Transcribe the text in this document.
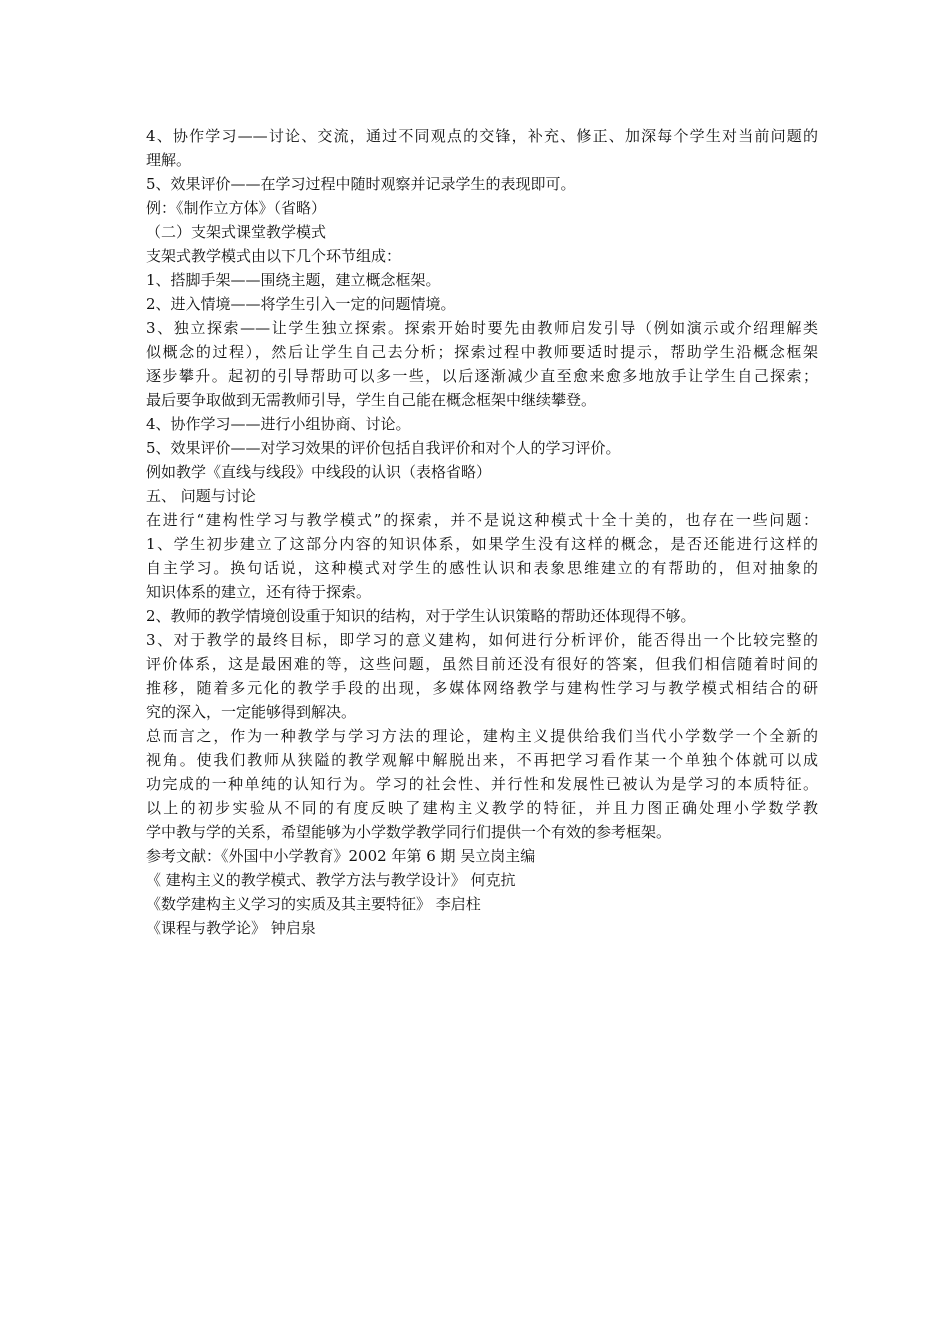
4、协作学习——讨论、交流，通过不同观点的交锋，补充、修正、加深每个学生对当前问题的
理解。
5、效果评价——在学习过程中随时观察并记录学生的表现即可。
例：《制作立方体》（省略）
（二）支架式课堂教学模式
支架式教学模式由以下几个环节组成：
1、搭脚手架——围绕主题，建立概念框架。
2、进入情境——将学生引入一定的问题情境。
3、独立探索——让学生独立探索。探索开始时要先由教师启发引导（例如演示或介绍理解类
似概念的过程），然后让学生自己去分析；探索过程中教师要适时提示，帮助学生沿概念框架
逐步攀升。起初的引导帮助可以多一些，以后逐渐减少直至愈来愈多地放手让学生自己探索；
最后要争取做到无需教师引导，学生自己能在概念框架中继续攀登。
4、协作学习——进行小组协商、讨论。
5、效果评价——对学习效果的评价包括自我评价和对个人的学习评价。
例如教学《直线与线段》中线段的认识（表格省略）
五、 问题与讨论
在进行“建构性学习与教学模式”的探索，并不是说这种模式十全十美的，也存在一些问题：
1、学生初步建立了这部分内容的知识体系，如果学生没有这样的概念，是否还能进行这样的
自主学习。换句话说，这种模式对学生的感性认识和表象思维建立的有帮助的，但对抽象的
知识体系的建立，还有待于探索。
2、教师的教学情境创设重于知识的结构，对于学生认识策略的帮助还体现得不够。
3、对于教学的最终目标，即学习的意义建构，如何进行分析评价，能否得出一个比较完整的
评价体系，这是最困难的等，这些问题，虽然目前还没有很好的答案，但我们相信随着时间的
推移，随着多元化的教学手段的出现，多媒体网络教学与建构性学习与教学模式相结合的研
究的深入，一定能够得到解决。
总而言之，作为一种教学与学习方法的理论，建构主义提供给我们当代小学数学一个全新的
视角。使我们教师从狭隘的教学观解中解脱出来，不再把学习看作某一个单独个体就可以成
功完成的一种单纯的认知行为。学习的社会性、并行性和发展性已被认为是学习的本质特征。
以上的初步实验从不同的有度反映了建构主义教学的特征，并且力图正确处理小学数学教
学中教与学的关系，希望能够为小学数学教学同行们提供一个有效的参考框架。
参考文献：《外国中小学教育》2002 年第 6 期 吴立岗主编
《 建构主义的教学模式、教学方法与教学设计》 何克抗
《数学建构主义学习的实质及其主要特征》 李启柱
《课程与教学论》 钟启泉
